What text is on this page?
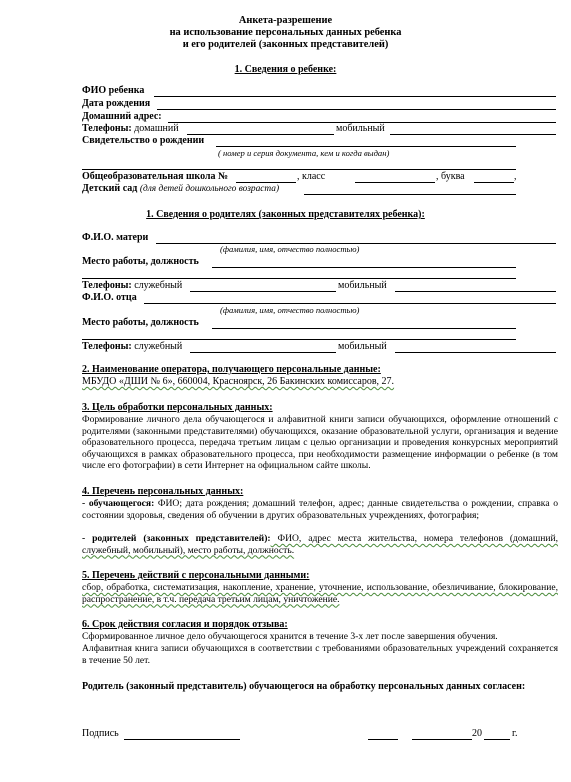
Анкета-разрешение
на использование персональных данных ребенка
и его родителей (законных представителей)
1. Сведения о ребенке:
ФИО ребенка
Дата рождения
Домашний адрес:
Телефоны: домашний	мобильный
Свидетельство о рождении
( номер и серия документа, кем и когда выдан)
Общеобразовательная школа №	, класс	, буква	,
Детский сад (для детей дошкольного возраста)
1. Сведения о родителях (законных представителях ребенка):
Ф.И.О. матери
(фамилия, имя, отчество полностью)
Место работы, должность
Телефоны: служебный	мобильный
Ф.И.О. отца
(фамилия, имя, отчество полностью)
Место работы, должность
Телефоны: служебный	мобильный
2. Наименование оператора, получающего персональные данные:
МБУДО «ДШИ № 6», 660004, Красноярск, 26 Бакинских комиссаров, 27.
3. Цель обработки персональных данных:
Формирование личного дела обучающегося и алфавитной книги записи обучающихся, оформление отношений с родителями (законными представителями) обучающихся, оказание образовательной услуги, организация и ведение образовательного процесса, передача третьим лицам с целью организации и проведения конкурсных мероприятий обучающихся в рамках образовательного процесса, при необходимости размещение информации о ребенке (в том числе его фотографии) в сети Интернет на официальном сайте школы.
4. Перечень персональных данных:
- обучающегося: ФИО; дата рождения; домашний телефон, адрес; данные свидетельства о рождении, справка о состоянии здоровья, сведения об обучении в других образовательных учреждениях, фотография;
- родителей (законных представителей): ФИО, адрес места жительства, номера телефонов (домашний, служебный, мобильный), место работы, должность.
5. Перечень действий с персональными данными:
сбор, обработка, систематизация, накопление, хранение, уточнение, использование, обезличивание, блокирование, распространение, в т.ч. передача третьим лицам, уничтожение.
6. Срок действия согласия и порядок отзыва:
Сформированное личное дело обучающегося хранится в течение 3-х лет после завершения обучения.
Алфавитная книга записи обучающихся в соответствии с требованиями образовательных учреждений сохраняется в течение 50 лет.
Родитель (законный представитель) обучающегося на обработку персональных данных согласен:
Подпись	20	г.
